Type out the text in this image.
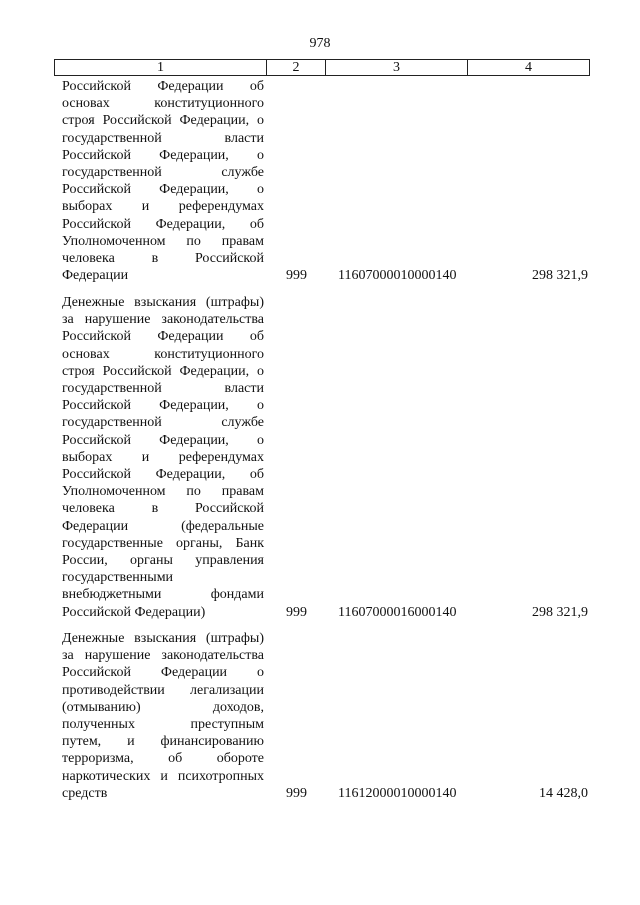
978
1	2	3	4
Российской Федерации об
основах конституционного
строя Российской Федерации, о
государственной власти
Российской Федерации, о
государственной службе
Российской Федерации, о
выборах и референдумах
Российской Федерации, об
Уполномоченном по правам
человека в Российской
Федерации	999 11607000010000140	298 321,9
Денежные взыскания (штрафы)
за нарушение законодательства
Российской Федерации об
основах конституционного
строя Российской Федерации, о
государственной власти
Российской Федерации, о
государственной службе
Российской Федерации, о
выборах и референдумах
Российской Федерации, об
Уполномоченном по правам
человека в Российской
Федерации (федеральные
государственные органы, Банк
России, органы управления
государственными
внебюджетными фондами
Российской Федерации)	999 11607000016000140	298 321,9
Денежные взыскания (штрафы)
за нарушение законодательства
Российской Федерации о
противодействии легализации
(отмыванию) доходов,
полученных преступным
путем, и финансированию
терроризма, об обороте
наркотических и психотропных
средств	999 11612000010000140	14 428,0
